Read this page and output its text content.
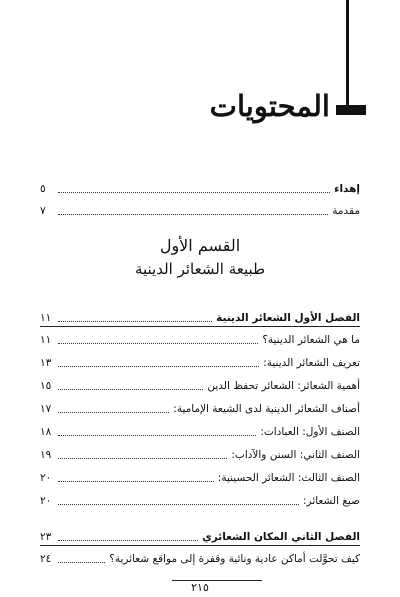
المحتويات
إهداء
٥
مقدمة
٧
القسم الأول
طبيعة الشعائر الدينية
الفصل الأول الشعائر الدينية
١١
ما هي الشعائر الدينية؟
١١
تعريف الشعائر الدينية:
١٣
أهمية الشعائر: الشعائر تحفظ الدين
١٥
أصناف الشعائر الدينية لدى الشيعة الإمامية:
١٧
الصنف الأول: العبادات:
١٨
الصنف الثاني: السنن والآداب:
١٩
الصنف الثالث: الشعائر الحسينية:
٢٠
صيغ الشعائر:
٢٠
الفصل الثاني المكان الشعائري
٢٣
كيف تحوَّلت أماكن عادية ونائية وقفرة إلى مواقع شعائرية؟
٢٤
٢١٥
